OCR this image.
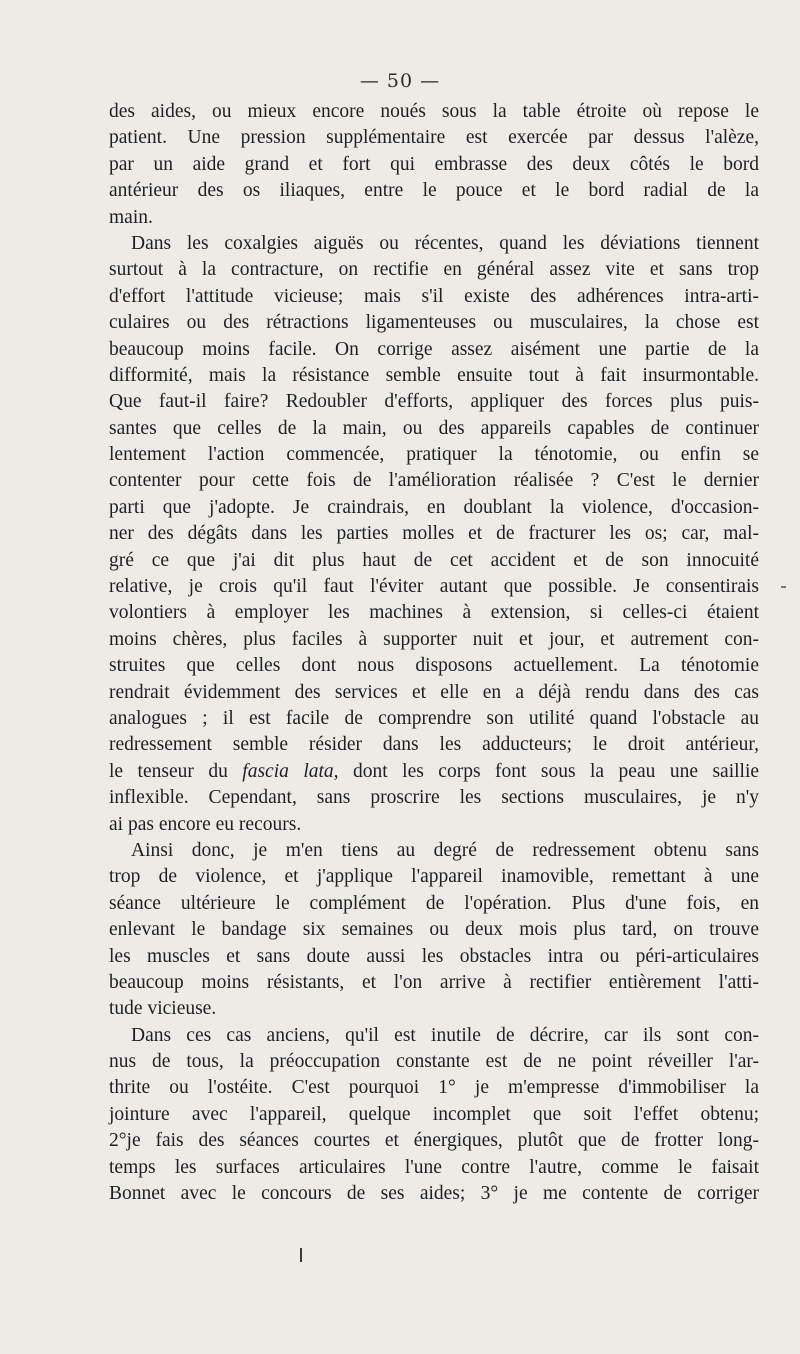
— 50 —
des aides, ou mieux encore noués sous la table étroite où repose le
patient. Une pression supplémentaire est exercée par dessus l'alèze,
par un aide grand et fort qui embrasse des deux côtés le bord
antérieur des os iliaques, entre le pouce et le bord radial de la
main.
Dans les coxalgies aiguës ou récentes, quand les déviations tiennent
surtout à la contracture, on rectifie en général assez vite et sans trop
d'effort l'attitude vicieuse; mais s'il existe des adhérences intra-arti-
culaires ou des rétractions ligamenteuses ou musculaires, la chose est
beaucoup moins facile. On corrige assez aisément une partie de la
difformité, mais la résistance semble ensuite tout à fait insurmontable.
Que faut-il faire? Redoubler d'efforts, appliquer des forces plus puis-
santes que celles de la main, ou des appareils capables de continuer
lentement l'action commencée, pratiquer la ténotomie, ou enfin se
contenter pour cette fois de l'amélioration réalisée ? C'est le dernier
parti que j'adopte. Je craindrais, en doublant la violence, d'occasion-
ner des dégâts dans les parties molles et de fracturer les os; car, mal-
gré ce que j'ai dit plus haut de cet accident et de son innocuité
relative, je crois qu'il faut l'éviter autant que possible. Je consentirais
volontiers à employer les machines à extension, si celles-ci étaient
moins chères, plus faciles à supporter nuit et jour, et autrement con-
struites que celles dont nous disposons actuellement. La ténotomie
rendrait évidemment des services et elle en a déjà rendu dans des cas
analogues ; il est facile de comprendre son utilité quand l'obstacle au
redressement semble résider dans les adducteurs; le droit antérieur,
le tenseur du fascia lata, dont les corps font sous la peau une saillie
inflexible. Cependant, sans proscrire les sections musculaires, je n'y
ai pas encore eu recours.
Ainsi donc, je m'en tiens au degré de redressement obtenu sans
trop de violence, et j'applique l'appareil inamovible, remettant à une
séance ultérieure le complément de l'opération. Plus d'une fois, en
enlevant le bandage six semaines ou deux mois plus tard, on trouve
les muscles et sans doute aussi les obstacles intra ou péri-articulaires
beaucoup moins résistants, et l'on arrive à rectifier entièrement l'atti-
tude vicieuse.
Dans ces cas anciens, qu'il est inutile de décrire, car ils sont con-
nus de tous, la préoccupation constante est de ne point réveiller l'ar-
thrite ou l'ostéite. C'est pourquoi 1° je m'empresse d'immobiliser la
jointure avec l'appareil, quelque incomplet que soit l'effet obtenu;
2°je fais des séances courtes et énergiques, plutôt que de frotter long-
temps les surfaces articulaires l'une contre l'autre, comme le faisait
Bonnet avec le concours de ses aides; 3° je me contente de corriger
